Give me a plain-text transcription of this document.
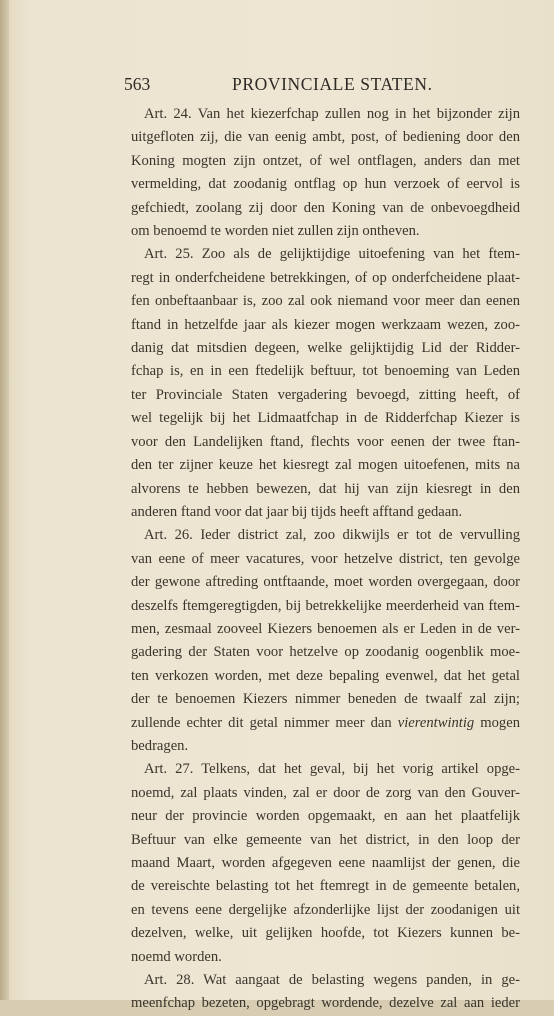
563	PROVINCIALE STATEN.
Art. 24. Van het kiezerfchap zullen nog in het bijzonder zijn
uitgefloten zij, die van eenig ambt, post, of bediening door den
Koning mogten zijn ontzet, of wel ontflagen, anders dan met
vermelding, dat zoodanig ontflag op hun verzoek of eervol is
gefchiedt, zoolang zij door den Koning van de onbevoegdheid
om benoemd te worden niet zullen zijn ontheven.
Art. 25. Zoo als de gelijktijdige uitoefening van het ftem-
regt in onderfcheidene betrekkingen, of op onderfcheidene plaat-
fen onbeftaanbaar is, zoo zal ook niemand voor meer dan eenen
ftand in hetzelfde jaar als kiezer mogen werkzaam wezen, zoo-
danig dat mitsdien degeen, welke gelijktijdig Lid der Ridder-
fchap is, en in een ftedelijk beftuur, tot benoeming van Leden
ter Provinciale Staten vergadering bevoegd, zitting heeft, of
wel tegelijk bij het Lidmaatfchap in de Ridderfchap Kiezer is
voor den Landelijken ftand, flechts voor eenen der twee ftan-
den ter zijner keuze het kiesregt zal mogen uitoefenen, mits na
alvorens te hebben bewezen, dat hij van zijn kiesregt in den
anderen ftand voor dat jaar bij tijds heeft afftand gedaan.
Art. 26. Ieder district zal, zoo dikwijls er tot de vervulling
van eene of meer vacatures, voor hetzelve district, ten gevolge
der gewone aftreding ontftaande, moet worden overgegaan, door
deszelfs ftemgeregtigden, bij betrekkelijke meerderheid van ftem-
men, zesmaal zooveel Kiezers benoemen als er Leden in de ver-
gadering der Staten voor hetzelve op zoodanig oogenblik moe-
ten verkozen worden, met deze bepaling evenwel, dat het getal
der te benoemen Kiezers nimmer beneden de twaalf zal zijn;
zullende echter dit getal nimmer meer dan vierentwintig mogen
bedragen.
Art. 27. Telkens, dat het geval, bij het vorig artikel opge-
noemd, zal plaats vinden, zal er door de zorg van den Gouver-
neur der provincie worden opgemaakt, en aan het plaatfelijk
Beftuur van elke gemeente van het district, in den loop der
maand Maart, worden afgegeven eene naamlijst der genen, die
de vereischte belasting tot het ftemregt in de gemeente betalen,
en tevens eene dergelijke afzonderlijke lijst der zoodanigen uit
dezelven, welke, uit gelijken hoofde, tot Kiezers kunnen be-
noemd worden.
Art. 28. Wat aangaat de belasting wegens panden, in ge-
meenfchap bezeten, opgebragt wordende, dezelve zal aan ieder
